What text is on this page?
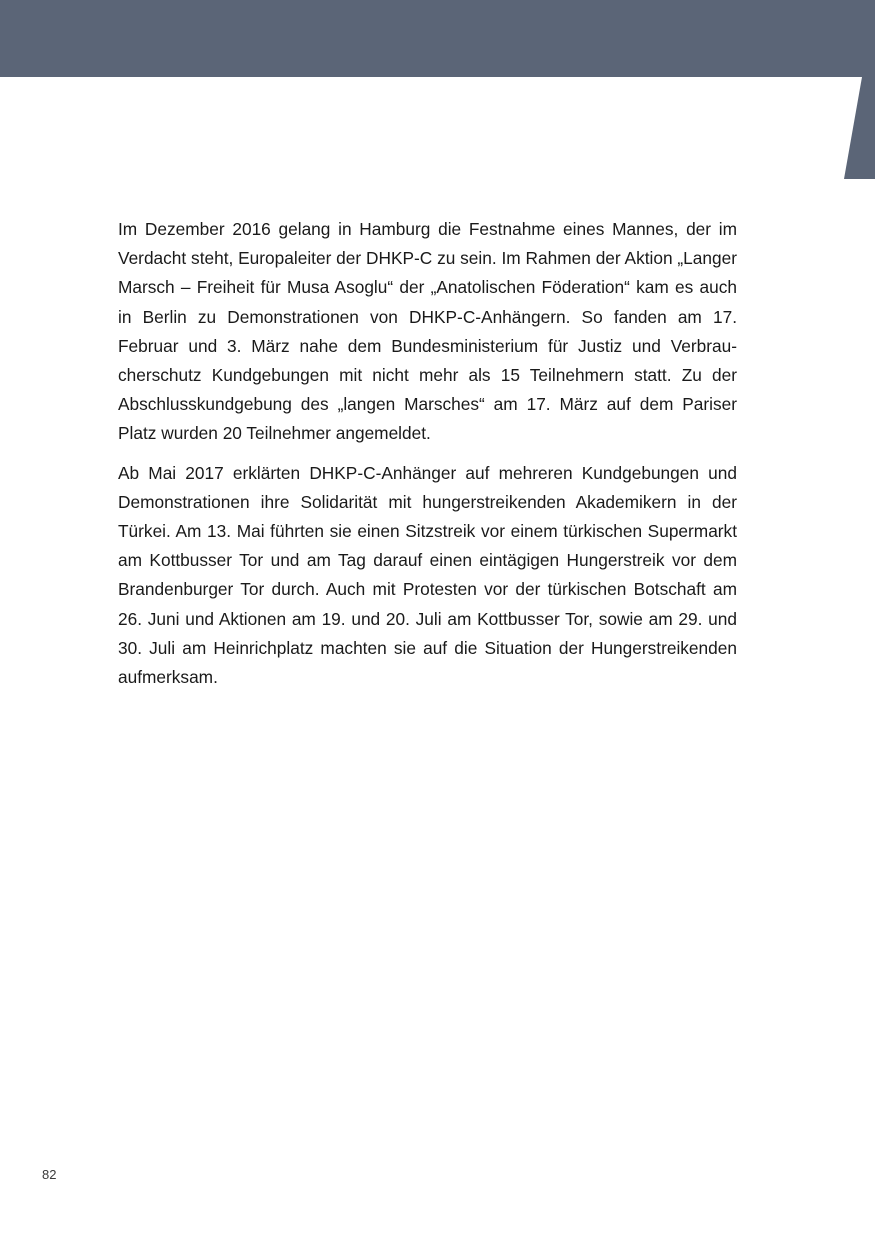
Im Dezember 2016 gelang in Hamburg die Festnahme eines Mannes, der im Verdacht steht, Europaleiter der DHKP-C zu sein. Im Rahmen der Aktion „Langer Marsch – Freiheit für Musa Asoglu“ der „Anatolischen Föderation“ kam es auch in Berlin zu Demonstrationen von DHKP-C-Anhängern. So fanden am 17. Februar und 3. März nahe dem Bundesministerium für Justiz und Verbraucherschutz Kundgebungen mit nicht mehr als 15 Teilnehmern statt. Zu der Abschlusskundgebung des „langen Marsches“ am 17. März auf dem Pariser Platz wurden 20 Teilnehmer angemeldet.

Ab Mai 2017 erklärten DHKP-C-Anhänger auf mehreren Kundgebungen und Demonstrationen ihre Solidarität mit hungerstreikenden Akademikern in der Türkei. Am 13. Mai führten sie einen Sitzstreik vor einem türkischen Supermarkt am Kottbusser Tor und am Tag darauf einen eintägigen Hungerstreik vor dem Brandenburger Tor durch. Auch mit Protesten vor der türkischen Botschaft am 26. Juni und Aktionen am 19. und 20. Juli am Kottbusser Tor, sowie am 29. und 30. Juli am Heinrichplatz machten sie auf die Situation der Hungerstreikenden aufmerksam.

82
